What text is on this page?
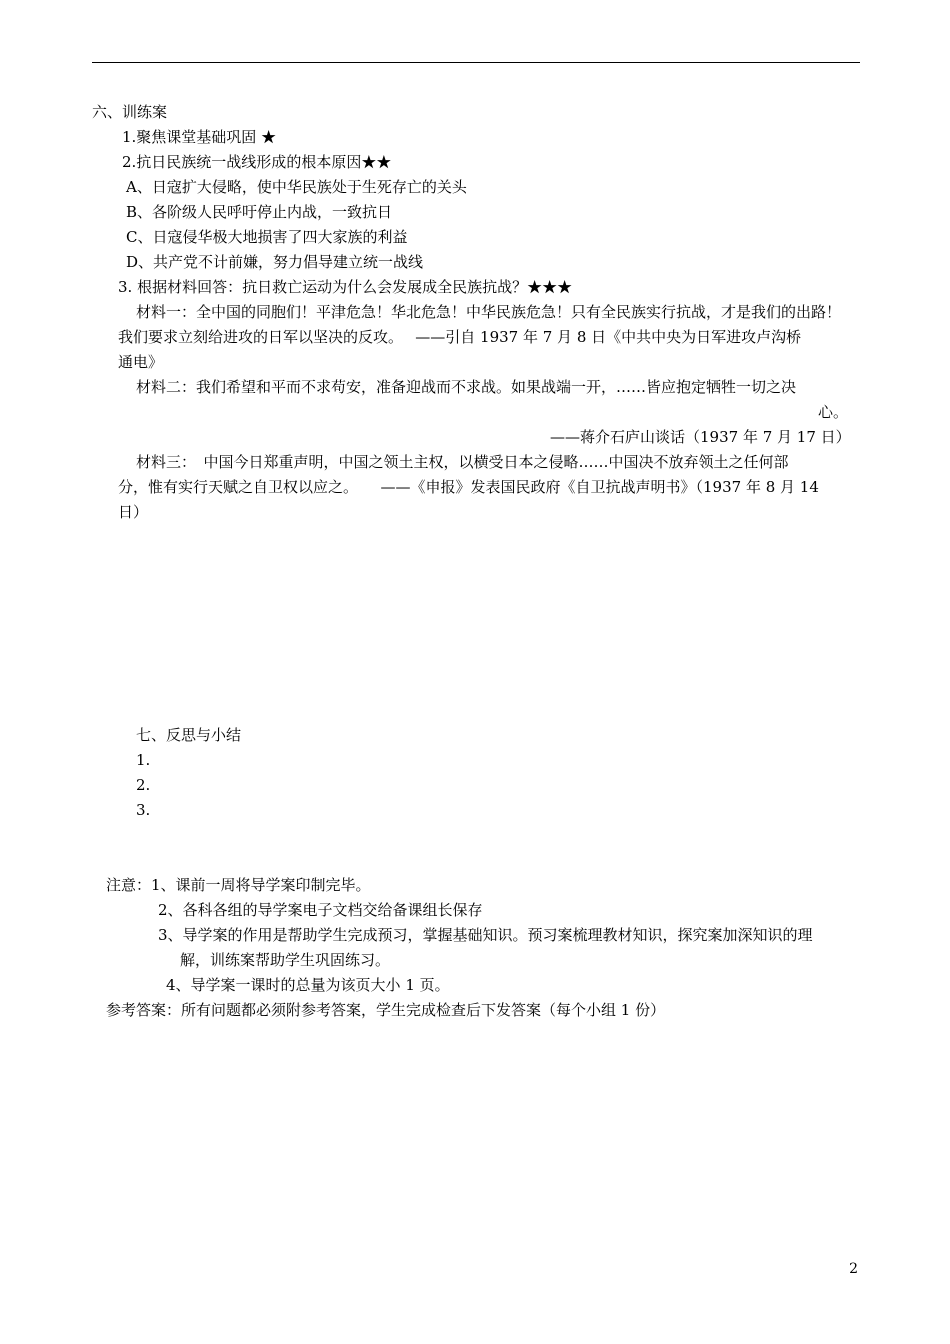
六、训练案
1.聚焦课堂基础巩固 ★
2.抗日民族统一战线形成的根本原因★★
A、日寇扩大侵略，使中华民族处于生死存亡的关头
B、各阶级人民呼吁停止内战，一致抗日
C、日寇侵华极大地损害了四大家族的利益
D、共产党不计前嫌，努力倡导建立统一战线
3. 根据材料回答：抗日救亡运动为什么会发展成全民族抗战？★★★
材料一：全中国的同胞们！平津危急！华北危急！中华民族危急！只有全民族实行抗战，才是我们的出路！
我们要求立刻给进攻的日军以坚决的反攻。　 ——引自 1937 年 7 月 8 日《中共中央为日军进攻卢沟桥
通电》
材料二：我们希望和平而不求苟安，准备迎战而不求战。如果战端一开，……皆应抱定牺牲一切之决
心。
——蒋介石庐山谈话（1937 年 7 月 17 日）
材料三：　中国今日郑重声明，中国之领土主权，以横受日本之侵略……中国决不放弃领土之任何部
分，惟有实行天赋之自卫权以应之。　　——《申报》发表国民政府《自卫抗战声明书》（1937 年 8 月 14
日）
七、反思与小结
1.
2.
3.
注意：1、课前一周将导学案印制完毕。
2、各科各组的导学案电子文档交给备课组长保存
3、导学案的作用是帮助学生完成预习，掌握基础知识。预习案梳理教材知识，探究案加深知识的理
解，训练案帮助学生巩固练习。
4、导学案一课时的总量为该页大小 1 页。
参考答案：所有问题都必须附参考答案，学生完成检查后下发答案（每个小组 1 份）
2
